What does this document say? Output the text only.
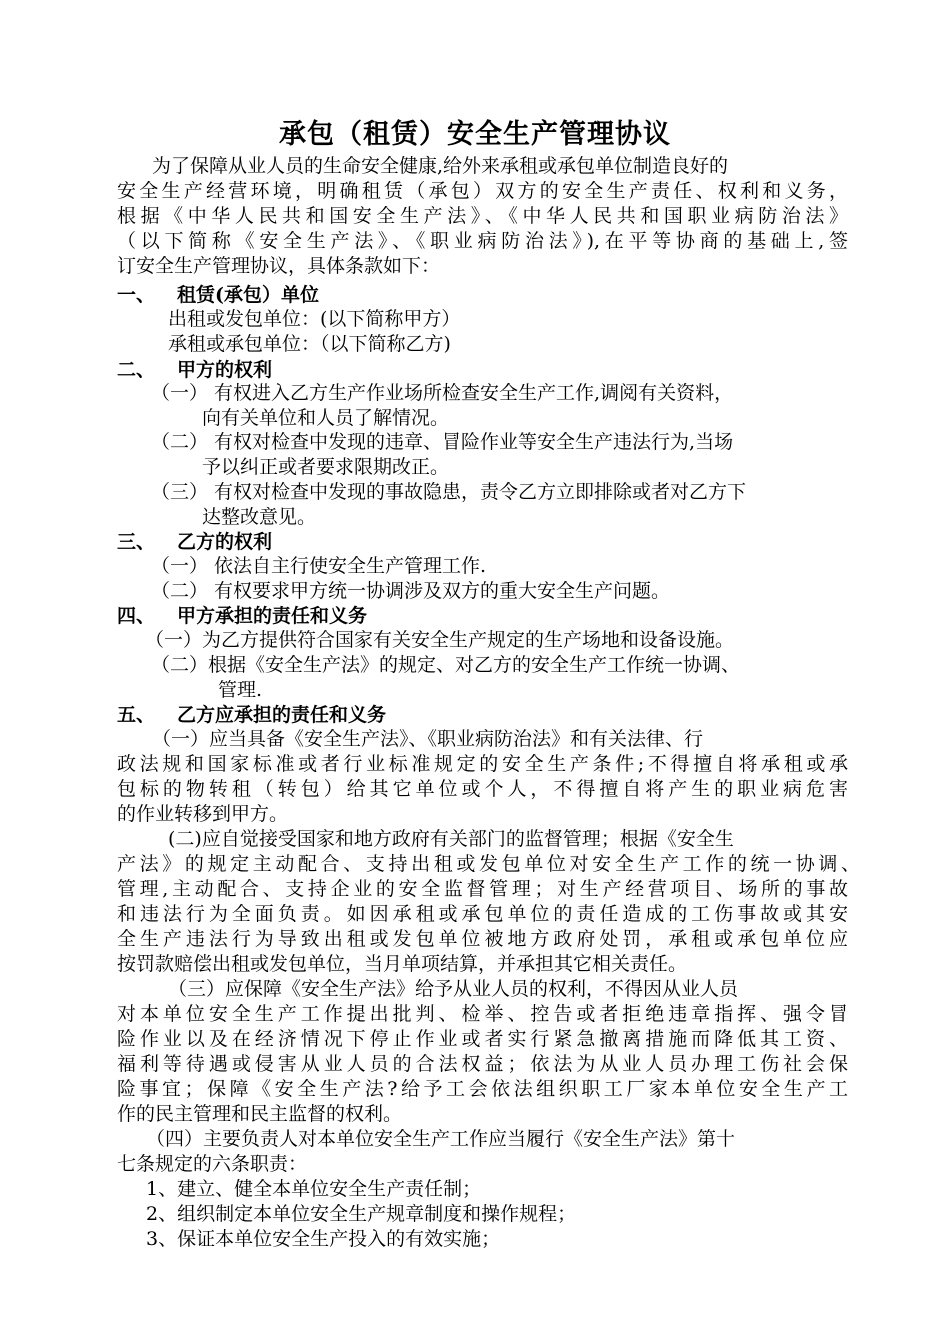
承包（租赁）安全生产管理协议
为了保障从业人员的生命安全健康,给外来承租或承包单位制造良好的
安全生产经营环境，明确租赁（承包）双方的安全生产责任、权利和义务，
根据《中华人民共和国安全生产法》、《中华人民共和国职业病防治法》
（以下简称《安全生产法》、《职业病防治法》),在平等协商的基础上,签
订安全生产管理协议，具体条款如下：
一、 租赁(承包）单位
出租或发包单位：(以下简称甲方）
承租或承包单位：（以下简称乙方)
二、 甲方的权利
（一） 有权进入乙方生产作业场所检查安全生产工作,调阅有关资料，
向有关单位和人员了解情况。
（二） 有权对检查中发现的违章、冒险作业等安全生产违法行为,当场
予以纠正或者要求限期改正。
（三） 有权对检查中发现的事故隐患，责令乙方立即排除或者对乙方下
达整改意见。
三、 乙方的权利
（一） 依法自主行使安全生产管理工作.
（二） 有权要求甲方统一协调涉及双方的重大安全生产问题。
四、 甲方承担的责任和义务
（一）为乙方提供符合国家有关安全生产规定的生产场地和设备设施。
（二）根据《安全生产法》的规定、对乙方的安全生产工作统一协调、
管理.
五、 乙方应承担的责任和义务
（一）应当具备《安全生产法》、《职业病防治法》和有关法律、行
政法规和国家标准或者行业标准规定的安全生产条件;不得擅自将承租或承
包标的物转租（转包）给其它单位或个人，不得擅自将产生的职业病危害
的作业转移到甲方。
(二)应自觉接受国家和地方政府有关部门的监督管理；根据《安全生
产法》的规定主动配合、支持出租或发包单位对安全生产工作的统一协调、
管理,主动配合、支持企业的安全监督管理；对生产经营项目、场所的事故
和违法行为全面负责。如因承租或承包单位的责任造成的工伤事故或其安
全生产违法行为导致出租或发包单位被地方政府处罚，承租或承包单位应
按罚款赔偿出租或发包单位，当月单项结算，并承担其它相关责任。
（三）应保障《安全生产法》给予从业人员的权利，不得因从业人员
对本单位安全生产工作提出批判、检举、控告或者拒绝违章指挥、强令冒
险作业以及在经济情况下停止作业或者实行紧急撤离措施而降低其工资、
福利等待遇或侵害从业人员的合法权益；依法为从业人员办理工伤社会保
险事宜；保障《安全生产法?给予工会依法组织职工厂家本单位安全生产工
作的民主管理和民主监督的权利。
（四）主要负责人对本单位安全生产工作应当履行《安全生产法》第十
七条规定的六条职责：
1、建立、健全本单位安全生产责任制；
2、组织制定本单位安全生产规章制度和操作规程；
3、保证本单位安全生产投入的有效实施；
